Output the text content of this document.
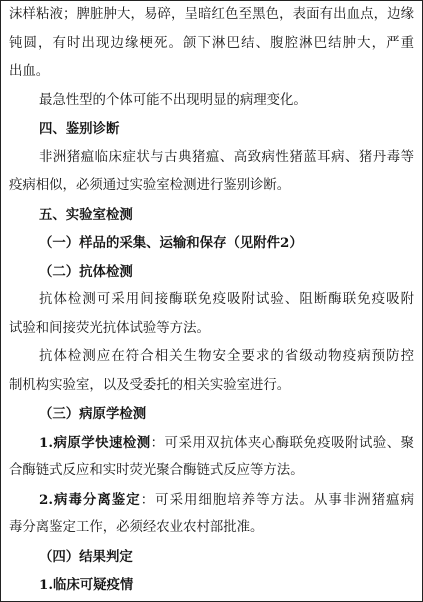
沫样粘液；脾脏肿大，易碎，呈暗红色至黑色，表面有出血点，边缘
钝圆，有时出现边缘梗死。颌下淋巴结、腹腔淋巴结肿大，严重
出血。
最急性型的个体可能不出现明显的病理变化。
四、鉴别诊断
非洲猪瘟临床症状与古典猪瘟、高致病性猪蓝耳病、猪丹毒等
疫病相似，必须通过实验室检测进行鉴别诊断。
五、实验室检测
（一）样品的采集、运输和保存（见附件2）
（二）抗体检测
抗体检测可采用间接酶联免疫吸附试验、阻断酶联免疫吸附
试验和间接荧光抗体试验等方法。
抗体检测应在符合相关生物安全要求的省级动物疫病预防控
制机构实验室，以及受委托的相关实验室进行。
（三）病原学检测
1.病原学快速检测：可采用双抗体夹心酶联免疫吸附试验、聚
合酶链式反应和实时荧光聚合酶链式反应等方法。
2.病毒分离鉴定：可采用细胞培养等方法。从事非洲猪瘟病
毒分离鉴定工作，必须经农业农村部批准。
（四）结果判定
1.临床可疑疫情
